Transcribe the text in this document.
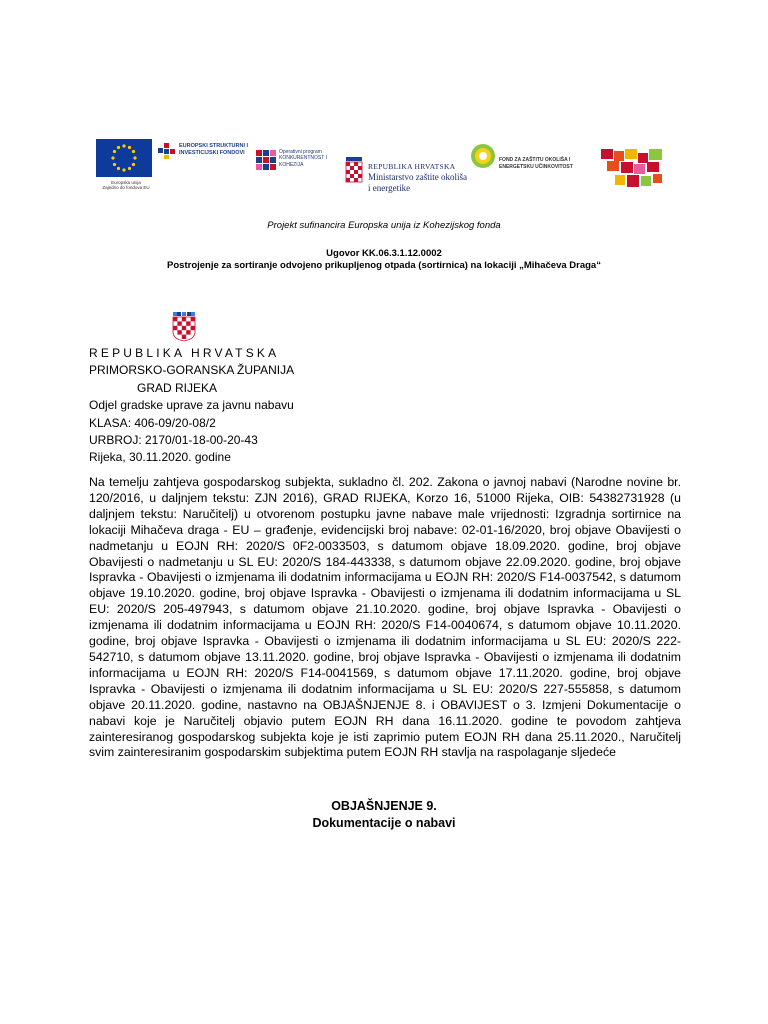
Europska unija
Zajedno do fondova EU
EUROPSKI STRUKTURNI I INVESTICIJSKI FONDOVI	Operativni program KONKURENTNOST I KOHEZIJA	REPUBLIKA HRVATSKA
Ministarstvo zaštite okoliša i energetike
FOND ZA ZAŠTITU OKOLIŠA I ENERGETSKU UČINKOVITOST
Projekt sufinancira Europska unija iz Kohezijskog fonda
Ugovor KK.06.3.1.12.0002
Postrojenje za sortiranje odvojeno prikupljenog otpada (sortirnica) na lokaciji „Mihačeva Draga“
REPUBLIKA HRVATSKA
PRIMORSKO-GORANSKA ŽUPANIJA
GRAD RIJEKA
Odjel gradske uprave za javnu nabavu
KLASA: 406-09/20-08/2
URBROJ: 2170/01-18-00-20-43
Rijeka, 30.11.2020. godine

Na temelju zahtjeva gospodarskog subjekta, sukladno čl. 202. Zakona o javnoj nabavi (Narodne novine br. 120/2016, u daljnjem tekstu: ZJN 2016), GRAD RIJEKA, Korzo 16, 51000 Rijeka, OIB: 54382731928 (u daljnjem tekstu: Naručitelj) u otvorenom postupku javne nabave male vrijednosti: Izgradnja sortirnice na lokaciji Mihačeva draga - EU – građenje, evidencijski broj nabave: 02-01-16/2020, broj objave Obavijesti o nadmetanju u EOJN RH: 2020/S 0F2-0033503, s datumom objave 18.09.2020. godine, broj objave Obavijesti o nadmetanju u SL EU: 2020/S 184-443338, s datumom objave 22.09.2020. godine, broj objave Ispravka - Obavijesti o izmjenama ili dodatnim informacijama u EOJN RH: 2020/S F14-0037542, s datumom objave 19.10.2020. godine, broj objave Ispravka - Obavijesti o izmjenama ili dodatnim informacijama u SL EU: 2020/S 205-497943, s datumom objave 21.10.2020. godine, broj objave Ispravka - Obavijesti o izmjenama ili dodatnim informacijama u EOJN RH: 2020/S F14-0040674, s datumom objave 10.11.2020. godine, broj objave Ispravka - Obavijesti o izmjenama ili dodatnim informacijama u SL EU: 2020/S 222-542710, s datumom objave 13.11.2020. godine, broj objave Ispravka - Obavijesti o izmjenama ili dodatnim informacijama u EOJN RH: 2020/S F14-0041569, s datumom objave 17.11.2020. godine, broj objave Ispravka - Obavijesti o izmjenama ili dodatnim informacijama u SL EU: 2020/S 227-555858, s datumom objave 20.11.2020. godine, nastavno na OBJAŠNJENJE 8. i OBAVIJEST o 3. Izmjeni Dokumentacije o nabavi koje je Naručitelj objavio putem EOJN RH dana 16.11.2020. godine te povodom zahtjeva zainteresiranog gospodarskog subjekta koje je isti zaprimio putem EOJN RH dana 25.11.2020., Naručitelj svim zainteresiranim gospodarskim subjektima putem EOJN RH stavlja na raspolaganje sljedeće

OBJAŠNJENJE 9.
Dokumentacije o nabavi
